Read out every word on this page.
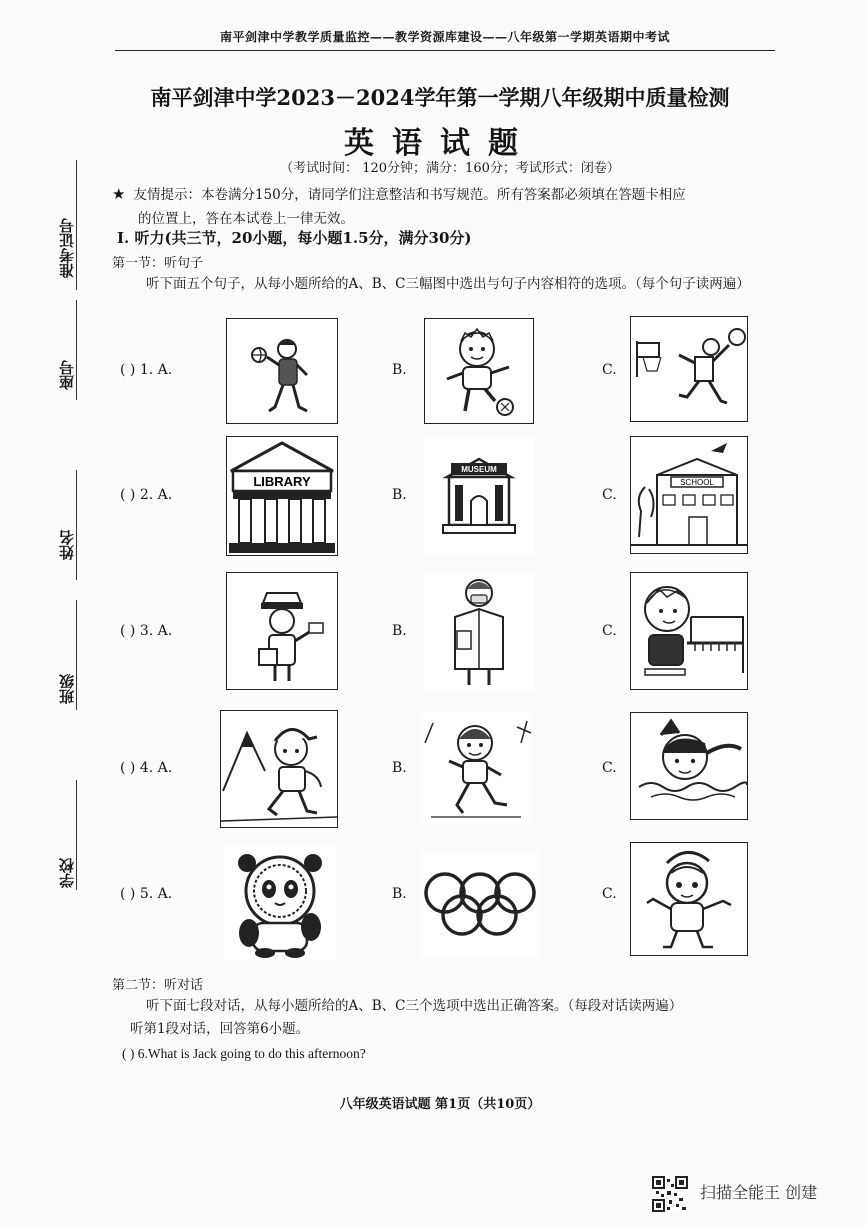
南平剑津中学教学质量监控——教学资源库建设——八年级第一学期英语期中考试
南平剑津中学2023－2024学年第一学期八年级期中质量检测
英语试题
（考试时间： 120分钟；满分：160分；考试形式：闭卷）
★ 友情提示：本卷满分150分，请同学们注意整洁和书写规范。所有答案都必须填在答题卡相应
的位置上，答在本试卷上一律无效。
I. 听力(共三节，20小题，每小题1.5分，满分30分)
第一节：听句子
听下面五个句子，从每小题所给的A、B、C三幅图中选出与句子内容相符的选项。（每个句子读两遍）
准考证号
座号
姓名
班级
学校
( ) 1. A.	B.	C.
( ) 2. A.
LIBRARY
B.
MUSEUM
C.
SCHOOL
( ) 3. A.	B.	C.
( ) 4. A.	B.	C.
( ) 5. A.	B.	C.
第二节：听对话
听下面七段对话，从每小题所给的A、B、C三个选项中选出正确答案。（每段对话读两遍）
听第1段对话，回答第6小题。
( ) 6.What is Jack going to do this afternoon?
八年级英语试题 第1页（共10页）
扫描全能王 创建
